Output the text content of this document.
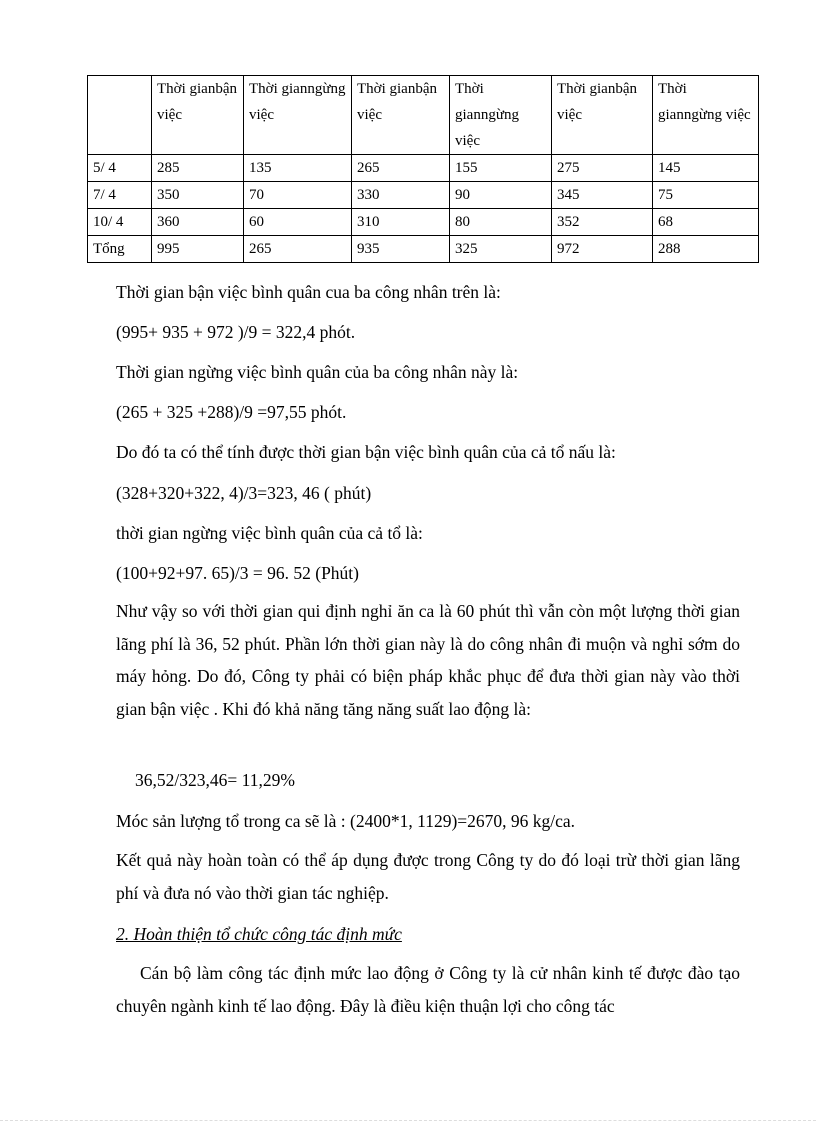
	Thời gianbận việc	Thời gianngừng việc	Thời gianbận việc	Thời gianngừng việc	Thời gianbận việc	Thời gianngừng việc
5/ 4	285	135	265	155	275	145
7/ 4	350	70	330	90	345	75
10/ 4	360	60	310	80	352	68
Tổng	995	265	935	325	972	288

Thời gian bận việc bình quân cua ba công nhân trên là:

(995+ 935 + 972 )/9 = 322,4 phót.

Thời gian ngừng việc bình quân của ba công nhân này là:

(265 + 325 +288)/9 =97,55 phót.

Do đó ta có thể tính được thời gian bận việc bình quân của cả tổ nấu là:

(328+320+322, 4)/3=323, 46 ( phút)

thời gian ngừng việc bình quân của cả tổ là:

(100+92+97. 65)/3 = 96. 52 (Phút)

Như vậy so với thời gian qui định nghỉ ăn ca là 60 phút thì vẫn còn một lượng thời gian lãng phí là 36, 52 phút. Phần lớn thời gian này là do công nhân đi muộn và nghỉ sớm do máy hỏng. Do đó, Công ty phải có biện pháp khắc phục để đưa thời gian này vào thời gian bận việc . Khi đó khả năng tăng năng suất lao động là:

36,52/323,46= 11,29%

Móc sản lượng tổ trong ca sẽ là : (2400*1, 1129)=2670, 96 kg/ca.

Kết quả này hoàn toàn có thể áp dụng được trong Công ty do đó loại trừ thời gian lãng phí và đưa nó vào thời gian tác nghiệp.

2. Hoàn thiện tổ chức công tác định mức

Cán bộ làm công tác định mức lao động ở Công ty là cử nhân kinh tế được đào tạo chuyên ngành kinh tế lao động. Đây là điều kiện thuận lợi cho công tác
